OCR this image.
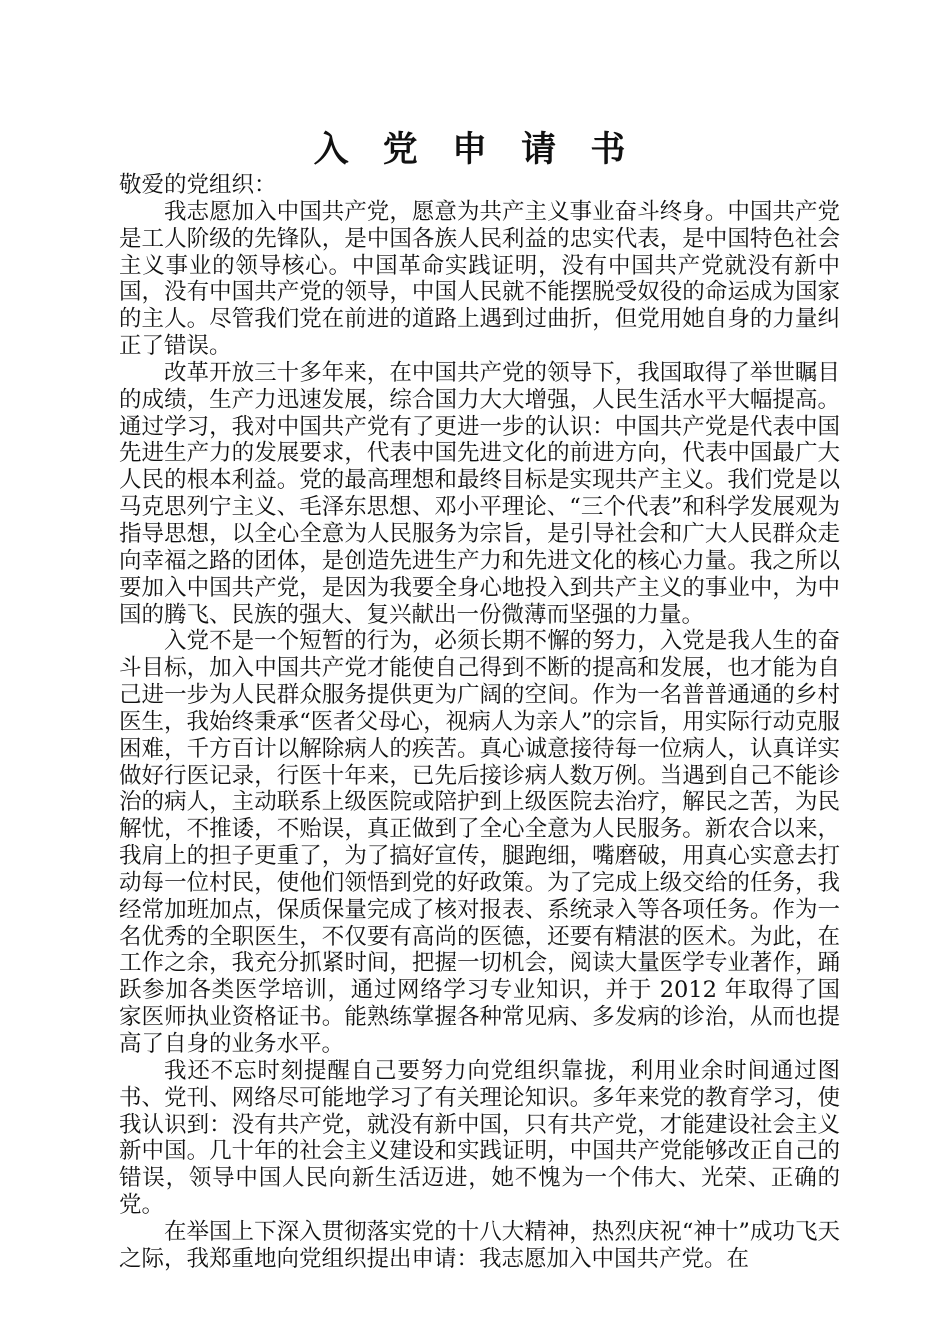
入 党 申 请 书

敬爱的党组织：

我志愿加入中国共产党，愿意为共产主义事业奋斗终身。中国共产党是工人阶级的先锋队，是中国各族人民利益的忠实代表，是中国特色社会主义事业的领导核心。中国革命实践证明，没有中国共产党就没有新中国，没有中国共产党的领导，中国人民就不能摆脱受奴役的命运成为国家的主人。尽管我们党在前进的道路上遇到过曲折，但党用她自身的力量纠正了错误。

改革开放三十多年来，在中国共产党的领导下，我国取得了举世瞩目的成绩，生产力迅速发展，综合国力大大增强，人民生活水平大幅提高。通过学习，我对中国共产党有了更进一步的认识：中国共产党是代表中国先进生产力的发展要求，代表中国先进文化的前进方向，代表中国最广大人民的根本利益。党的最高理想和最终目标是实现共产主义。我们党是以马克思列宁主义、毛泽东思想、邓小平理论、“三个代表”和科学发展观为指导思想，以全心全意为人民服务为宗旨，是引导社会和广大人民群众走向幸福之路的团体，是创造先进生产力和先进文化的核心力量。我之所以要加入中国共产党，是因为我要全身心地投入到共产主义的事业中，为中国的腾飞、民族的强大、复兴献出一份微薄而坚强的力量。

入党不是一个短暂的行为，必须长期不懈的努力，入党是我人生的奋斗目标，加入中国共产党才能使自己得到不断的提高和发展，也才能为自己进一步为人民群众服务提供更为广阔的空间。作为一名普普通通的乡村医生，我始终秉承“医者父母心，视病人为亲人”的宗旨，用实际行动克服困难，千方百计以解除病人的疾苦。真心诚意接待每一位病人，认真详实做好行医记录，行医十年来，已先后接诊病人数万例。当遇到自己不能诊治的病人，主动联系上级医院或陪护到上级医院去治疗，解民之苦，为民解忧，不推诿，不贻误，真正做到了全心全意为人民服务。新农合以来，我肩上的担子更重了，为了搞好宣传，腿跑细，嘴磨破，用真心实意去打动每一位村民，使他们领悟到党的好政策。为了完成上级交给的任务，我经常加班加点，保质保量完成了核对报表、系统录入等各项任务。作为一名优秀的全职医生，不仅要有高尚的医德，还要有精湛的医术。为此，在工作之余，我充分抓紧时间，把握一切机会，阅读大量医学专业著作，踊跃参加各类医学培训，通过网络学习专业知识，并于 2012 年取得了国家医师执业资格证书。能熟练掌握各种常见病、多发病的诊治，从而也提高了自身的业务水平。

我还不忘时刻提醒自己要努力向党组织靠拢，利用业余时间通过图书、党刊、网络尽可能地学习了有关理论知识。多年来党的教育学习，使我认识到：没有共产党，就没有新中国，只有共产党，才能建设社会主义新中国。几十年的社会主义建设和实践证明，中国共产党能够改正自己的错误，领导中国人民向新生活迈进，她不愧为一个伟大、光荣、正确的党。

在举国上下深入贯彻落实党的十八大精神，热烈庆祝“神十”成功飞天之际，我郑重地向党组织提出申请：我志愿加入中国共产党。在
